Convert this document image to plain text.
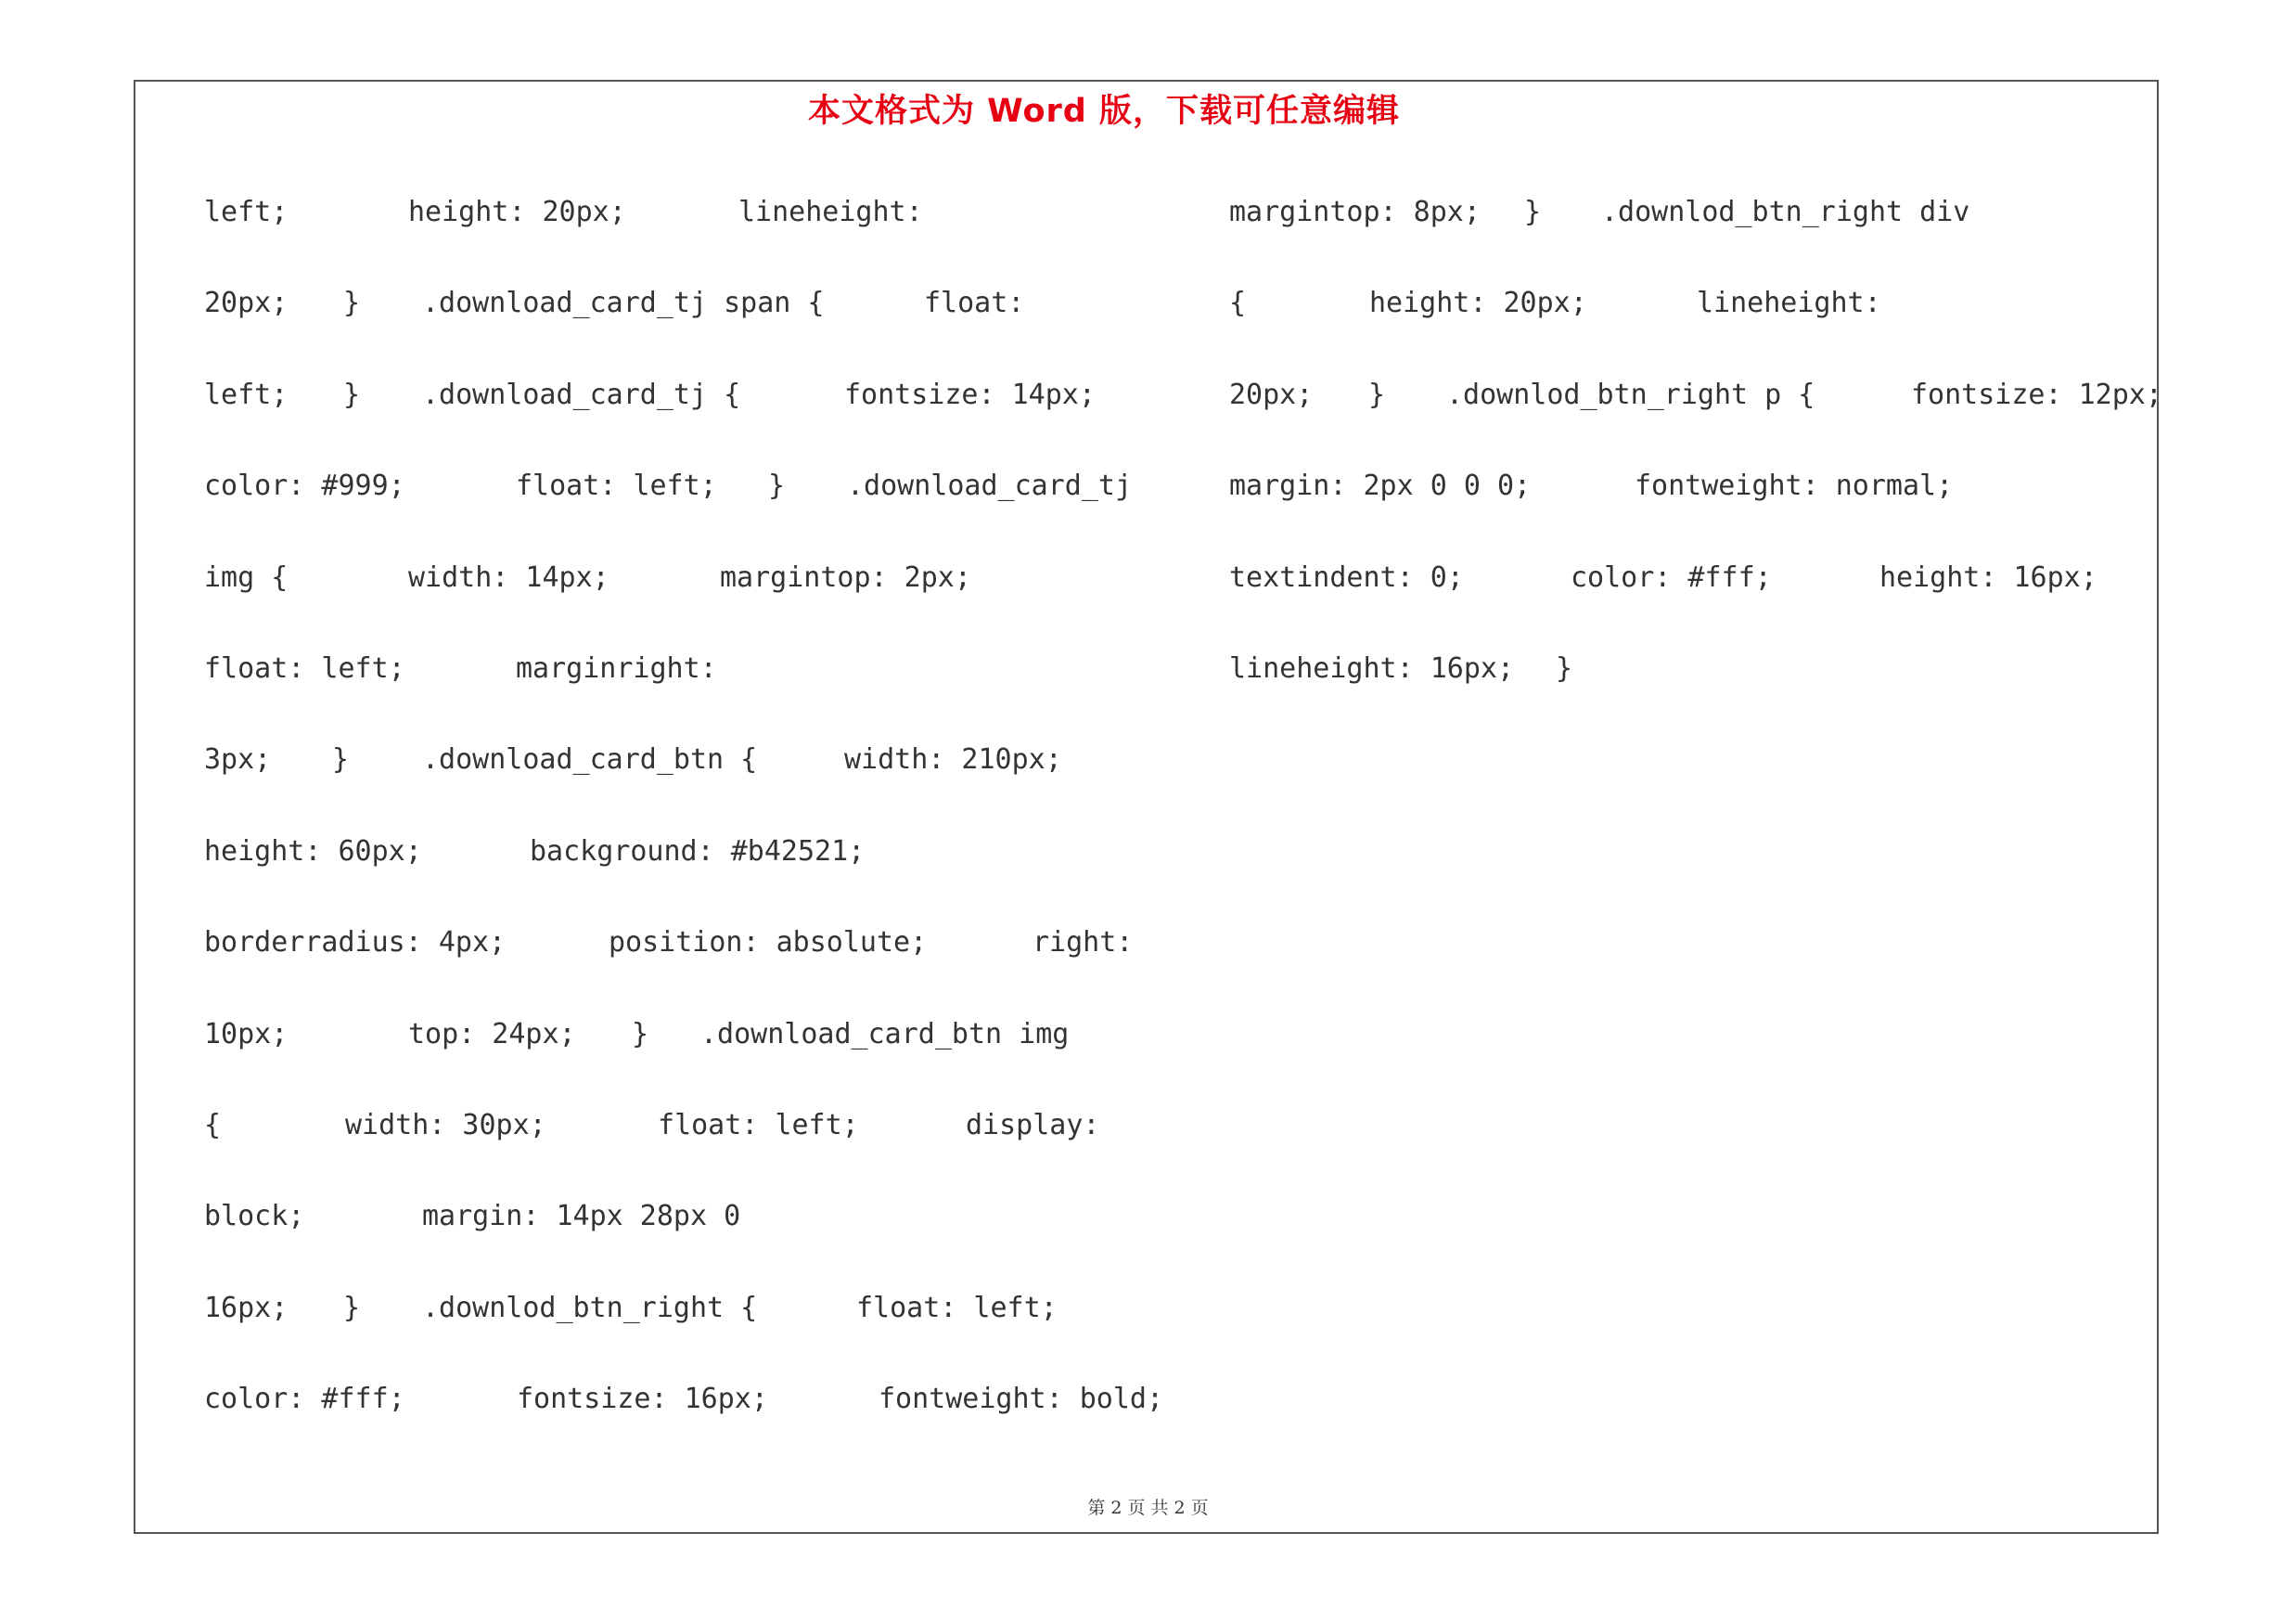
本文格式为 Word 版，下载可任意编辑
left;	height: 20px;	lineheight:
20px; } .download_card_tj span {	float:
left; } .download_card_tj {	fontsize: 14px;
color: #999;	float: left; } .download_card_tj
img {	width: 14px;	margintop: 2px;
float: left;	marginright:
3px; }	.download_card_btn {	width: 210px;
height: 60px;	background: #b42521;
borderradius: 4px;	position: absolute;	right:
10px;	top: 24px; } .download_card_btn img
{	width: 30px;	float: left;	display:
block;	margin: 14px 28px 0
16px; } .downlod_btn_right {	float: left;
color: #fff;	fontsize: 16px;	fontweight: bold;
margintop: 8px; } .downlod_btn_right div
{	height: 20px;	lineheight:
20px; } .downlod_btn_right p {	fontsize: 12px;
margin: 2px 0 0 0;	fontweight: normal;
textindent: 0;	color: #fff;	height: 16px;
lineheight: 16px; }
第 2 页 共 2 页
